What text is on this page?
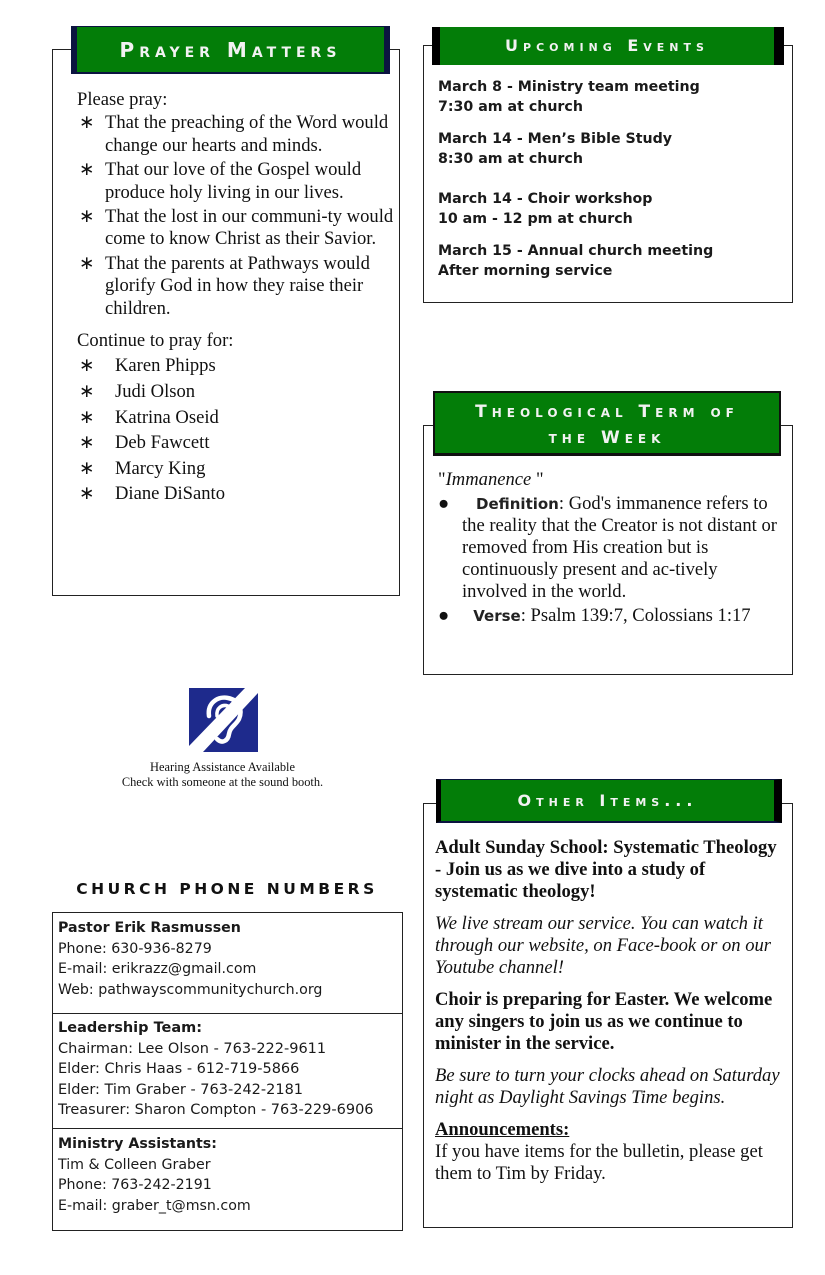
Prayer Matters
Please pray:
∗ That the preaching of the Word would change our hearts and minds.
∗ That our love of the Gospel would produce holy living in our lives.
∗ That the lost in our communi-ty would come to know Christ as their Savior.
∗ That the parents at Pathways would glorify God in how they raise their children.
Continue to pray for:
∗	Karen Phipps
∗	Judi Olson
∗	Katrina Oseid
∗	Deb Fawcett
∗	Marcy King
∗	Diane DiSanto
Upcoming Events
March 8 - Ministry team meeting
7:30 am at church
March 14 - Men’s Bible Study
8:30 am at church
March 14 - Choir workshop
10 am - 12 pm at church
March 15 - Annual church meeting
After morning service
Theological Term of
the Week
"Immanence "
● Definition: God's immanence refers to the reality that the Creator is not distant or removed from His creation but is continuously present and ac-tively involved in the world.
● Verse: Psalm 139:7, Colossians 1:17
Hearing Assistance Available
Check with someone at the sound booth.
CHURCH PHONE NUMBERS
Pastor Erik Rasmussen
Phone: 630-936-8279
E-mail: erikrazz@gmail.com
Web: pathwayscommunitychurch.org
Leadership Team:
Chairman: Lee Olson - 763-222-9611
Elder: Chris Haas - 612-719-5866
Elder: Tim Graber - 763-242-2181
Treasurer: Sharon Compton - 763-229-6906
Ministry Assistants:
Tim & Colleen Graber
Phone: 763-242-2191
E-mail: graber_t@msn.com
Other Items...

Adult Sunday School: Systematic Theology - Join us as we dive into a study of systematic theology!

We live stream our service. You can watch it through our website, on Face-book or on our Youtube channel!

Choir is preparing for Easter. We welcome any singers to join us as we continue to minister in the service.

Be sure to turn your clocks ahead on Saturday night as Daylight Savings Time begins.

Announcements:
If you have items for the bulletin, please get them to Tim by Friday.
